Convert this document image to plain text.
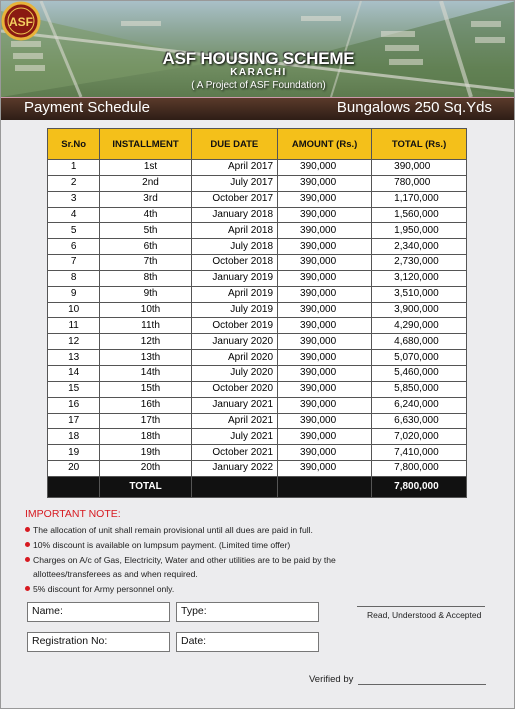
ASF
ASF HOUSING SCHEME
KARACHI
( A Project of ASF Foundation)
Payment Schedule	Bungalows 250 Sq.Yds
Sr.No	INSTALLMENT	DUE DATE	AMOUNT (Rs.)	TOTAL (Rs.)
1	1st	April 2017	390,000	390,000
2	2nd	July 2017	390,000	780,000
3	3rd	October 2017	390,000	1,170,000
4	4th	January 2018	390,000	1,560,000
5	5th	April 2018	390,000	1,950,000
6	6th	July 2018	390,000	2,340,000
7	7th	October 2018	390,000	2,730,000
8	8th	January 2019	390,000	3,120,000
9	9th	April 2019	390,000	3,510,000
10	10th	July 2019	390,000	3,900,000
11	11th	October 2019	390,000	4,290,000
12	12th	January 2020	390,000	4,680,000
13	13th	April 2020	390,000	5,070,000
14	14th	July 2020	390,000	5,460,000
15	15th	October 2020	390,000	5,850,000
16	16th	January 2021	390,000	6,240,000
17	17th	April 2021	390,000	6,630,000
18	18th	July 2021	390,000	7,020,000
19	19th	October 2021	390,000	7,410,000
20	20th	January 2022	390,000	7,800,000
	TOTAL			7,800,000
IMPORTANT NOTE:
The allocation of unit shall remain provisional until all dues are paid in full.
10% discount is available on lumpsum payment. (Limited time offer)
Charges on A/c of Gas, Electricity, Water and other utilities are to be paid by the
allottees/transferees as and when required.
5% discount for Army personnel only.
Name:	Type:
Registration No:	Date:
Read, Understood & Accepted
Verified by
